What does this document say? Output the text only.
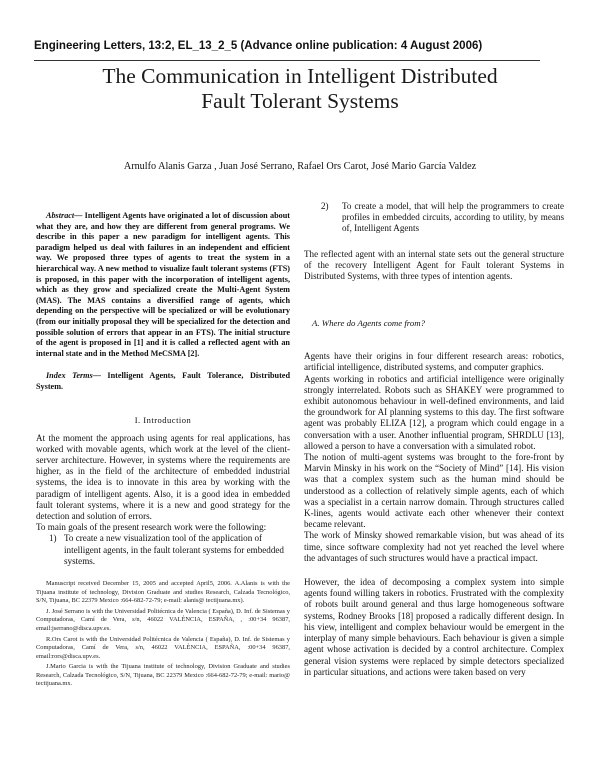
Engineering Letters, 13:2, EL_13_2_5 (Advance online publication: 4 August 2006)
The Communication in Intelligent Distributed
Fault Tolerant Systems
Arnulfo Alanis Garza , Juan José Serrano, Rafael Ors Carot, José Mario García Valdez

Abstract— Intelligent Agents have originated a lot of discussion about what they are, and how they are different from general programs. We describe in this paper a new paradigm for intelligent agents. This paradigm helped us deal with failures in an independent and efficient way. We proposed three types of agents to treat the system in a hierarchical way. A new method to visualize fault tolerant systems (FTS) is proposed, in this paper with the incorporation of intelligent agents, which as they grow and specialized create the Multi-Agent System (MAS). The MAS contains a diversified range of agents, which depending on the perspective will be specialized or will be evolutionary (from our initially proposal they will be specialized for the detection and possible solution of errors that appear in an FTS). The initial structure of the agent is proposed in [1] and it is called a reflected agent with an internal state and in the Method MeCSMA [2].

Index Terms— Intelligent Agents, Fault Tolerance, Distributed System.

I. Introduction

At the moment the approach using agents for real applications, has worked with movable agents, which work at the level of the client-server architecture. However, in systems where the requirements are higher, as in the field of the architecture of embedded industrial systems, the idea is to innovate in this area by working with the paradigm of intelligent agents. Also, it is a good idea in embedded fault tolerant systems, where it is a new and good strategy for the detection and solution of errors.

To main goals of the present research work were the following:

1) To create a new visualization tool of the application of intelligent agents, in the fault tolerant systems for embedded systems.

Manuscript received December 15, 2005 and accepted April5, 2006. A.Alanis is with the Tijuana institute of technology, Division Graduate and studies Research, Calzada Tecnológico, S/N, Tijuana, BC 22379 Mexico :664-682-72-79; e-mail: alanis@ tectijuana.mx).

J. José Serrano is with the Universidad Politécnica de Valencia ( España), D. Inf. de Sistemas y Computadoras, Camí de Vera, s/n, 46022 VALÈNCIA, ESPAÑA, , :00+34 96387, email:jserrano@disca.upv.es.

R.Ors Carot is with the Universidad Politécnica de Valencia ( España), D. Inf. de Sistemas y Computadoras, Camí de Vera, s/n, 46022 VALÈNCIA, ESPAÑA, :00+34 96387, email:rors@disca.upv.es.

J.Mario Garcia is with the Tijuana institute of technology, Division Graduate and studies Research, Calzada Tecnológico, S/N, Tijuana, BC 22379 Mexico :664-682-72-79; e-mail: mario@ tectijuana.mx.

2) To create a model, that will help the programmers to create profiles in embedded circuits, according to utility, by means of, Intelligent Agents

The reflected agent with an internal state sets out the general structure of the recovery Intelligent Agent for Fault tolerant Systems in Distributed Systems, with three types of intention agents.

A. Where do Agents come from?

Agents have their origins in four different research areas: robotics, artificial intelligence, distributed systems, and computer graphics.

Agents working in robotics and artificial intelligence were originally strongly interrelated. Robots such as SHAKEY were programmed to exhibit autonomous behaviour in well-defined environments, and laid the groundwork for AI planning systems to this day. The first software agent was probably ELIZA [12], a program which could engage in a conversation with a user. Another influential program, SHRDLU [13], allowed a person to have a conversation with a simulated robot.

The notion of multi-agent systems was brought to the fore-front by Marvin Minsky in his work on the “Society of Mind” [14]. His vision was that a complex system such as the human mind should be understood as a collection of relatively simple agents, each of which was a specialist in a certain narrow domain. Through structures called K-lines, agents would activate each other whenever their context became relevant.

The work of Minsky showed remarkable vision, but was ahead of its time, since software complexity had not yet reached the level where the advantages of such structures would have a practical impact.

However, the idea of decomposing a complex system into simple agents found willing takers in robotics. Frustrated with the complexity of robots built around general and thus large homogeneous software systems, Rodney Brooks [18] proposed a radically different design. In his view, intelligent and complex behaviour would be emergent in the interplay of many simple behaviours. Each behaviour is given a simple agent whose activation is decided by a control architecture. Complex general vision systems were replaced by simple detectors specialized in particular situations, and actions were taken based on very
